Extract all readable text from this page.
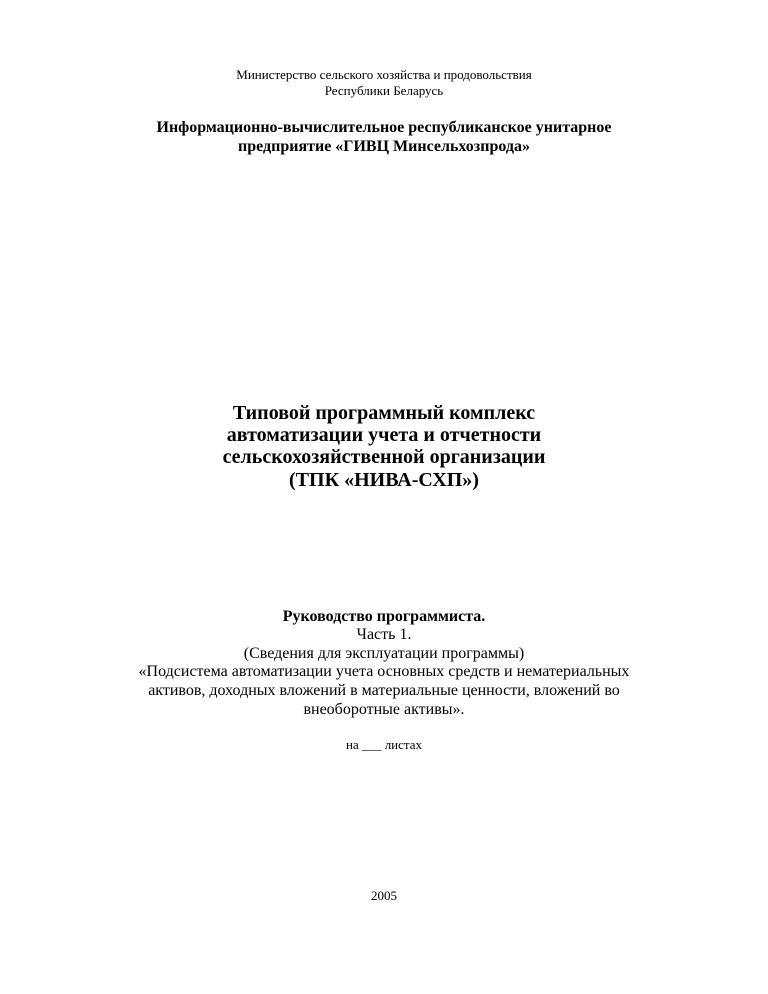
Министерство сельского хозяйства и продовольствия
Республики Беларусь
Информационно-вычислительное республиканское унитарное
предприятие «ГИВЦ Минсельхозпрода»
Типовой программный комплекс
автоматизации учета и отчетности
сельскохозяйственной организации
(ТПК «НИВА-СХП»)
Руководство программиста.
Часть 1.
(Сведения для эксплуатации программы)
«Подсистема автоматизации учета основных средств и нематериальных
активов, доходных вложений в материальные ценности, вложений во
внеоборотные активы».
на ___ листах
2005
